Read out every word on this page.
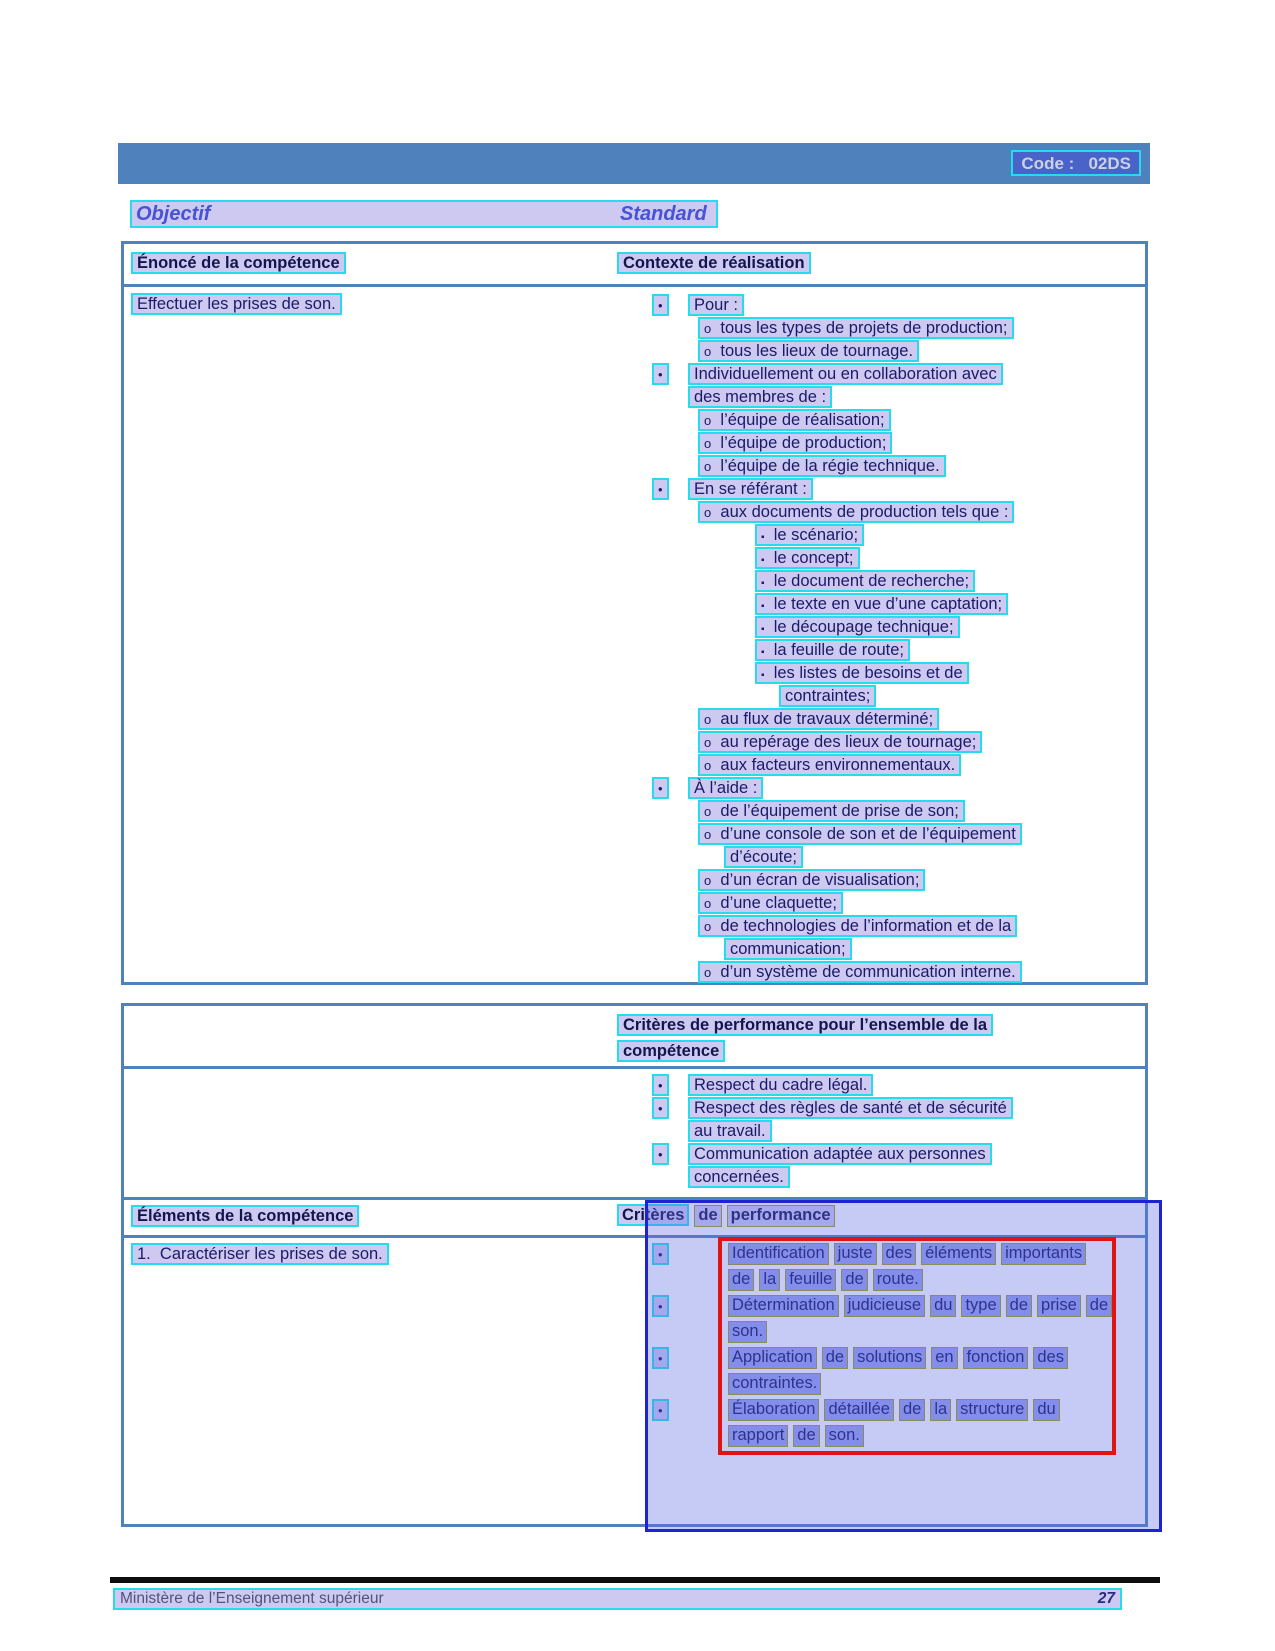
Code :   02DS
Objectif	Standard
Énoncé de la compétence	Contexte de réalisation
Effectuer les prises de son.	•	Pour :
o  tous les types de projets de production;
o  tous les lieux de tournage.
•	Individuellement ou en collaboration avec
des membres de :
o  l’équipe de réalisation;
o  l’équipe de production;
o  l’équipe de la régie technique.
•	En se référant :
o  aux documents de production tels que :
▪  le scénario;
▪  le concept;
▪  le document de recherche;
▪  le texte en vue d’une captation;
▪  le découpage technique;
▪  la feuille de route;
▪  les listes de besoins et de
contraintes;
o  au flux de travaux déterminé;
o  au repérage des lieux de tournage;
o  aux facteurs environnementaux.
•	À l’aide :
o  de l’équipement de prise de son;
o  d’une console de son et de l’équipement
d’écoute;
o  d’un écran de visualisation;
o  d’une claquette;
o  de technologies de l’information et de la
communication;
o  d’un système de communication interne.
Critères de performance pour l’ensemble de la
compétence
•	Respect du cadre légal.
•	Respect des règles de santé et de sécurité
au travail.
•	Communication adaptée aux personnes
concernées.
Éléments de la compétence	Critères de performance
1.  Caractériser les prises de son.	•	Identification juste des éléments importants
de la feuille de route.
•	Détermination judicieuse du type de prise de
son.
•	Application de solutions en fonction des
contraintes.
•	Élaboration détaillée de la structure du
rapport de son.
Ministère de l’Enseignement supérieur	27
